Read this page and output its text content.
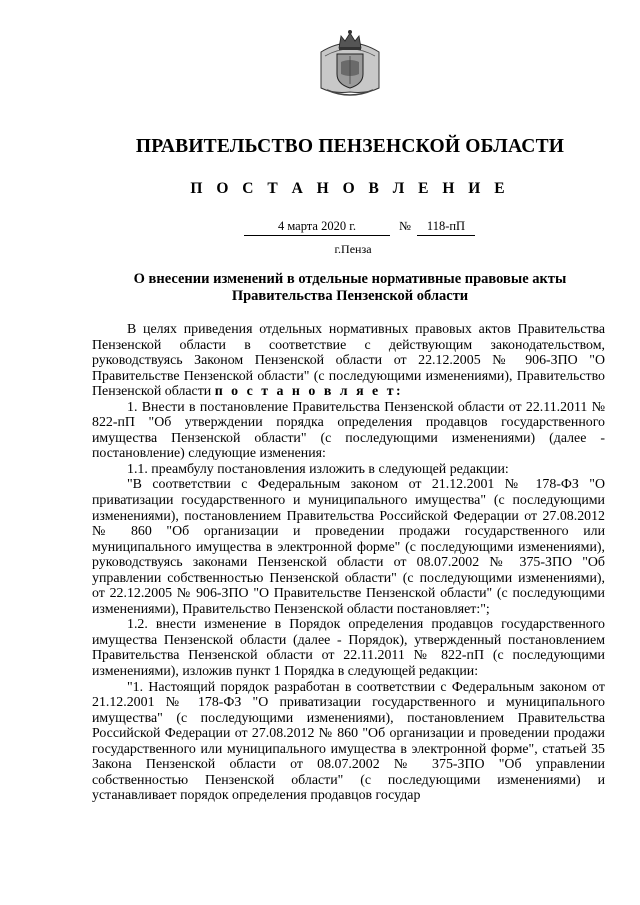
ПРАВИТЕЛЬСТВО ПЕНЗЕНСКОЙ ОБЛАСТИ
П О С Т А Н О В Л Е Н И Е
4 марта 2020 г.	№	118-пП
г.Пенза
О внесении изменений в отдельные нормативные правовые акты
Правительства Пензенской области

В целях приведения отдельных нормативных правовых актов Правительства Пензенской области в соответствие с действующим законодательством, руководствуясь Законом Пензенской области от 22.12.2005 № 906-ЗПО "О Правительстве Пензенской области" (с последующими изменениями), Правительство Пензенской области п о с т а н о в л я е т:

1. Внести в постановление Правительства Пензенской области от 22.11.2011 № 822-пП "Об утверждении порядка определения продавцов государственного имущества Пензенской области" (с последующими изменениями) (далее - постановление) следующие изменения:

1.1. преамбулу постановления изложить в следующей редакции:

"В соответствии с Федеральным законом от 21.12.2001 № 178-ФЗ "О приватизации государственного и муниципального имущества" (с последующими изменениями), постановлением Правительства Российской Федерации от 27.08.2012 № 860 "Об организации и проведении продажи государственного или муниципального имущества в электронной форме" (с последующими изменениями), руководствуясь законами Пензенской области от 08.07.2002 № 375-ЗПО "Об управлении собственностью Пензенской области" (с последующими изменениями), от 22.12.2005 № 906-ЗПО "О Правительстве Пензенской области" (с последующими изменениями), Правительство Пензенской области постановляет:";

1.2. внести изменение в Порядок определения продавцов государственного имущества Пензенской области (далее - Порядок), утвержденный постановлением Правительства Пензенской области от 22.11.2011 № 822-пП (с последующими изменениями), изложив пункт 1 Порядка в следующей редакции:

"1. Настоящий порядок разработан в соответствии с Федеральным законом от 21.12.2001 № 178-ФЗ "О приватизации государственного и муниципального имущества" (с последующими изменениями), постановлением Правительства Российской Федерации от 27.08.2012 № 860 "Об организации и проведении продажи государственного или муниципального имущества в электронной форме", статьей 35 Закона Пензенской области от 08.07.2002 № 375-ЗПО "Об управлении собственностью Пензенской области" (с последующими изменениями) и устанавливает порядок определения продавцов государ
